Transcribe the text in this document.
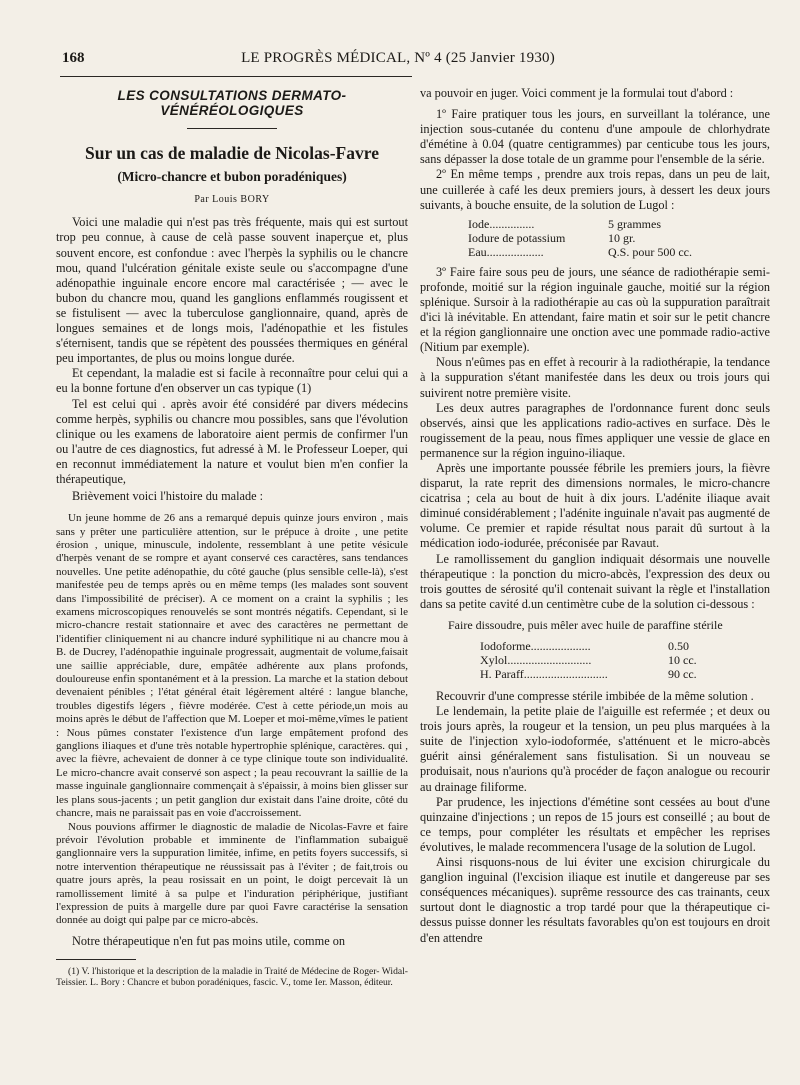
168	LE PROGRÈS MÉDICAL, Nº 4 (25 Janvier 1930)
LES CONSULTATIONS DERMATO-VÉNÉRÉOLOGIQUES
Sur un cas de maladie de Nicolas-Favre
(Micro-chancre et bubon poradéniques)
Par Louis BORY

Voici une maladie qui n'est pas très fréquente, mais qui est surtout trop peu connue, à cause de celà passe souvent inaperçue et, plus souvent encore, est confondue : avec l'herpès la syphilis ou le chancre mou, quand l'ulcération génitale existe seule ou s'accompagne d'une adénopathie inguinale encore encore mal caractérisée ; — avec le bubon du chancre mou, quand les ganglions enflammés rougissent et se fistulisent — avec la tuberculose ganglionnaire, quand, après de longues semaines et de longs mois, l'adénopathie et les fistules s'éternisent, tandis que se répètent des poussées thermiques en général peu importantes, de plus ou moins longue durée.

Et cependant, la maladie est si facile à reconnaître pour celui qui a eu la bonne fortune d'en observer un cas typique (1)

Tel est celui qui . après avoir été considéré par divers médecins comme herpès, syphilis ou chancre mou possibles, sans que l'évolution clinique ou les examens de laboratoire aient permis de confirmer l'un ou l'autre de ces diagnostics, fut adressé à M. le Professeur Loeper, qui en reconnut immédiatement la nature et voulut bien m'en confier la thérapeutique,

Brièvement voici l'histoire du malade :

Un jeune homme de 26 ans a remarqué depuis quinze jours environ , mais sans y prêter une particulière attention, sur le prépuce à droite , une petite érosion , unique, minuscule, indolente, ressemblant à une petite vésicule d'herpès venant de se rompre et ayant conservé ces caractères, sans tendances nouvelles. Une petite adénopathie, du côté gauche (plus sensible celle-là), s'est manifestée peu de temps après ou en même temps (les malades sont souvent dans l'impossibilité de préciser). A ce moment on a craint la syphilis ; les examens microscopiques renouvelés se sont montrés négatifs. Cependant, si le micro-chancre restait stationnaire et avec des caractères ne permettant de l'identifier cliniquement ni au chancre induré syphilitique ni au chancre mou à B. de Ducrey, l'adénopathie inguinale progressait, augmentait de volume,faisait une saillie appréciable, dure, empâtée adhérente aux plans profonds, douloureuse enfin spontanément et à la pression. La marche et la station debout devenaient pénibles ; l'état général était légèrement altéré : langue blanche, troubles digestifs légers , fièvre modérée. C'est à cette période,un mois au moins après le début de l'affection que M. Loeper et moi-même,vîmes le patient : Nous pûmes constater l'existence d'un large empâtement profond des ganglions iliaques et d'une très notable hypertrophie splénique, caractères. qui , avec la fièvre, achevaient de donner à ce type clinique toute son individualité. Le micro-chancre avait conservé son aspect ; la peau recouvrant la saillie de la masse inguinale ganglionnaire commençait à s'épaissir, à moins bien glisser sur les plans sous-jacents ; un petit ganglion dur existait dans l'aine droite, côté du chancre, mais ne paraissait pas en voie d'accroissement.

Nous pouvions affirmer le diagnostic de maladie de Nicolas-Favre et faire prévoir l'évolution probable et imminente de l'inflammation subaiguë ganglionnaire vers la suppuration limitée, infime, en petits foyers successifs, si notre intervention thérapeutique ne réussissait pas à l'éviter ; de fait,trois ou quatre jours après, la peau rosissait en un point, le doigt percevait là un ramollissement limité à sa pulpe et l'induration périphérique, justifiant l'expression de puits à margelle dure par quoi Favre caractérise la sensation donnée au doigt qui palpe par ce micro-abcès.

Notre thérapeutique n'en fut pas moins utile, comme on

(1) V. l'historique et la description de la maladie in Traité de Médecine de Roger- Widal-Teissier. L. Bory : Chancre et bubon poradéniques, fascic. V., tome Ier. Masson, éditeur.

va pouvoir en juger. Voici comment je la formulai tout d'abord :

1º Faire pratiquer tous les jours, en surveillant la tolérance, une injection sous-cutanée du contenu d'une ampoule de chlorhydrate d'émétine à 0.04 (quatre centigrammes) par centicube tous les jours, sans dépasser la dose totale de un gramme pour l'ensemble de la série.

2º En même temps , prendre aux trois repas, dans un peu de lait, une cuillerée à café les deux premiers jours, à dessert les deux jours suivants, à bouche ensuite, de la solution de Lugol :

Iode...............	5 grammes
Iodure de potassium	10 gr.
Eau...................	Q.S. pour 500 cc.

3º Faire faire sous peu de jours, une séance de radiothérapie semi-profonde, moitié sur la région inguinale gauche, moitié sur la région splénique. Sursoir à la radiothérapie au cas où la suppuration paraîtrait d'ici là inévitable. En attendant, faire matin et soir sur le petit chancre et la région ganglionnaire une onction avec une pommade radio-active (Nitium par exemple).

Nous n'eûmes pas en effet à recourir à la radiothérapie, la tendance à la suppuration s'étant manifestée dans les deux ou trois jours qui suivirent notre première visite.

Les deux autres paragraphes de l'ordonnance furent donc seuls observés, ainsi que les applications radio-actives en surface. Dès le rougissement de la peau, nous fîmes appliquer une vessie de glace en permanence sur la région inguino-iliaque.

Après une importante poussée fébrile les premiers jours, la fièvre disparut, la rate reprit des dimensions normales, le micro-chancre cicatrisa ; cela au bout de huit à dix jours. L'adénite iliaque avait diminué considérablement ; l'adénite inguinale n'avait pas augmenté de volume. Ce premier et rapide résultat nous parait dû surtout à la médication iodo-iodurée, préconisée par Ravaut.

Le ramollissement du ganglion indiquait désormais une nouvelle thérapeutique : la ponction du micro-abcès, l'expression des deux ou trois gouttes de sérosité qu'il contenait suivant la règle et l'installation dans sa petite cavité d.un centimètre cube de la solution ci-dessous :

Faire dissoudre, puis mêler avec huile de paraffine stérile

Iodoforme....................	0.50
Xylol............................	10 cc.
H. Paraff............................	90 cc.

Recouvrir d'une compresse stérile imbibée de la même solution .

Le lendemain, la petite plaie de l'aiguille est refermée ; et deux ou trois jours après, la rougeur et la tension, un peu plus marquées à la suite de l'injection xylo-iodoformée, s'atténuent et le micro-abcès guérit ainsi généralement sans fistulisation. Si un nouveau se produisait, nous n'aurions qu'à procéder de façon analogue ou recourir au drainage filiforme.

Par prudence, les injections d'émétine sont cessées au bout d'une quinzaine d'injections ; un repos de 15 jours est conseillé ; au bout de ce temps, pour compléter les résultats et empêcher les reprises évolutives, le malade recommencera l'usage de la solution de Lugol.

Ainsi risquons-nous de lui éviter une excision chirurgicale du ganglion inguinal (l'excision iliaque est inutile et dangereuse par ses conséquences mécaniques). suprême ressource des cas trainants, ceux surtout dont le diagnostic a trop tardé pour que la thérapeutique ci-dessus puisse donner les résultats favorables qu'on est toujours en droit d'en attendre
